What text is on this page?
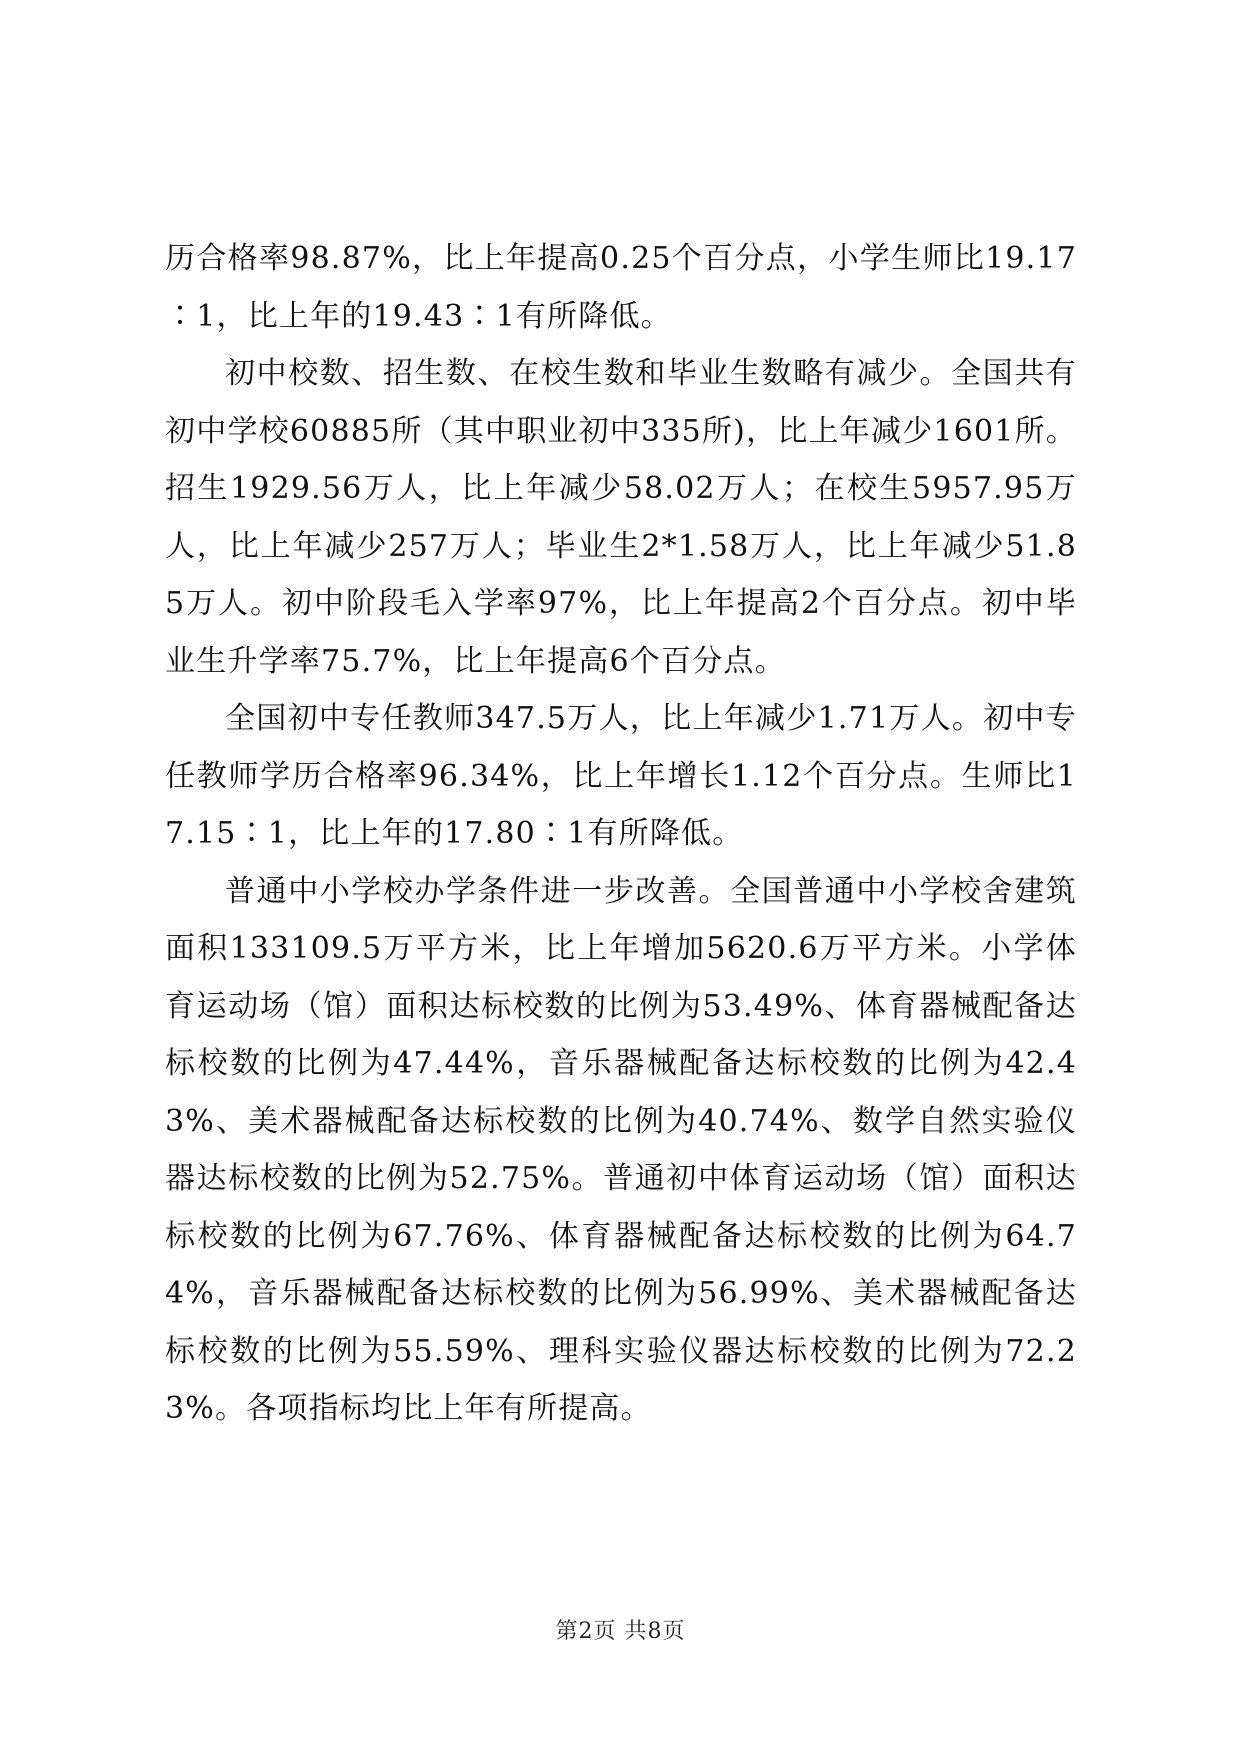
历合格率98.87%，比上年提高0.25个百分点，小学生师比19.17∶1，比上年的19.43∶1有所降低。

初中校数、招生数、在校生数和毕业生数略有减少。全国共有初中学校60885所（其中职业初中335所)，比上年减少1601所。招生1929.56万人，比上年减少58.02万人；在校生5957.95万人，比上年减少257万人；毕业生2*1.58万人，比上年减少51.85万人。初中阶段毛入学率97%，比上年提高2个百分点。初中毕业生升学率75.7%，比上年提高6个百分点。

全国初中专任教师347.5万人，比上年减少1.71万人。初中专任教师学历合格率96.34%，比上年增长1.12个百分点。生师比17.15∶1，比上年的17.80∶1有所降低。

普通中小学校办学条件进一步改善。全国普通中小学校舍建筑面积133109.5万平方米，比上年增加5620.6万平方米。小学体育运动场（馆）面积达标校数的比例为53.49%、体育器械配备达标校数的比例为47.44%，音乐器械配备达标校数的比例为42.43%、美术器械配备达标校数的比例为40.74%、数学自然实验仪器达标校数的比例为52.75%。普通初中体育运动场（馆）面积达标校数的比例为67.76%、体育器械配备达标校数的比例为64.74%，音乐器械配备达标校数的比例为56.99%、美术器械配备达标校数的比例为55.59%、理科实验仪器达标校数的比例为72.23%。各项指标均比上年有所提高。

第2页 共8页
